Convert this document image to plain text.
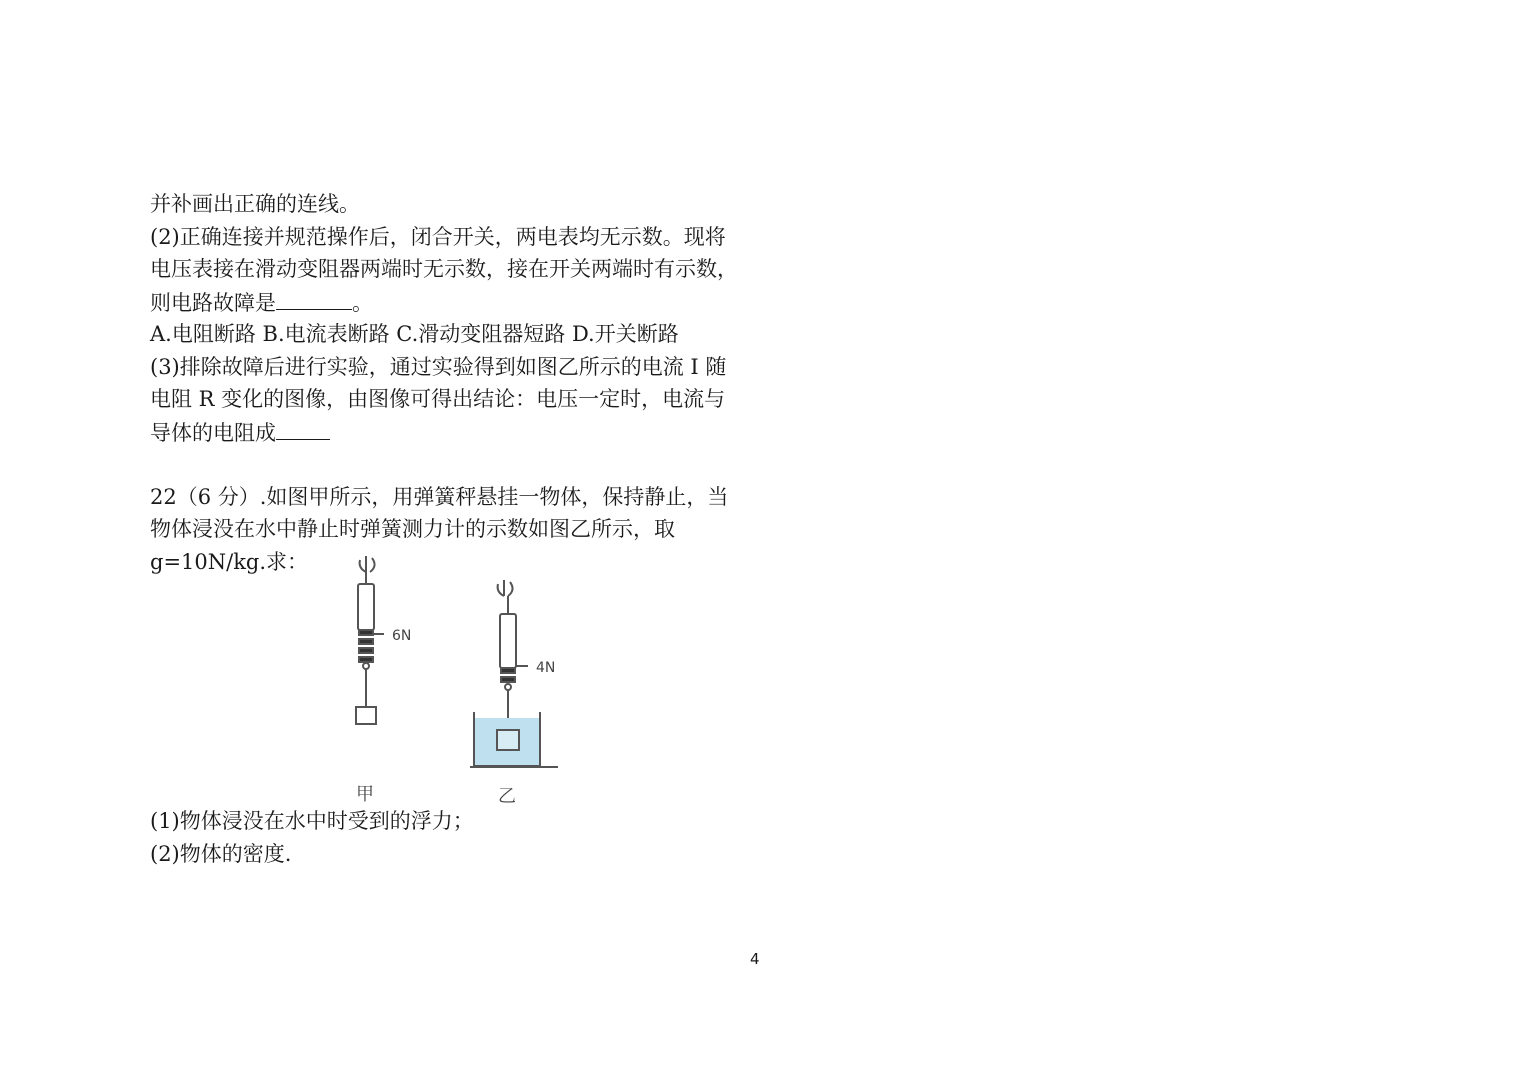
并补画出正确的连线。
(2)正确连接并规范操作后，闭合开关，两电表均无示数。现将
电压表接在滑动变阻器两端时无示数，接在开关两端时有示数，
则电路故障是	。
A.电阻断路 B.电流表断路 C.滑动变阻器短路 D.开关断路
(3)排除故障后进行实验，通过实验得到如图乙所示的电流 I 随
电阻 R 变化的图像，由图像可得出结论：电压一定时，电流与
导体的电阻成
22（6 分）.如图甲所示，用弹簧秤悬挂一物体，保持静止，当
物体浸没在水中静止时弹簧测力计的示数如图乙所示，取
g=10N/kg.求：
(1)物体浸没在水中时受到的浮力；
(2)物体的密度.
6N
甲
4N
乙
4
